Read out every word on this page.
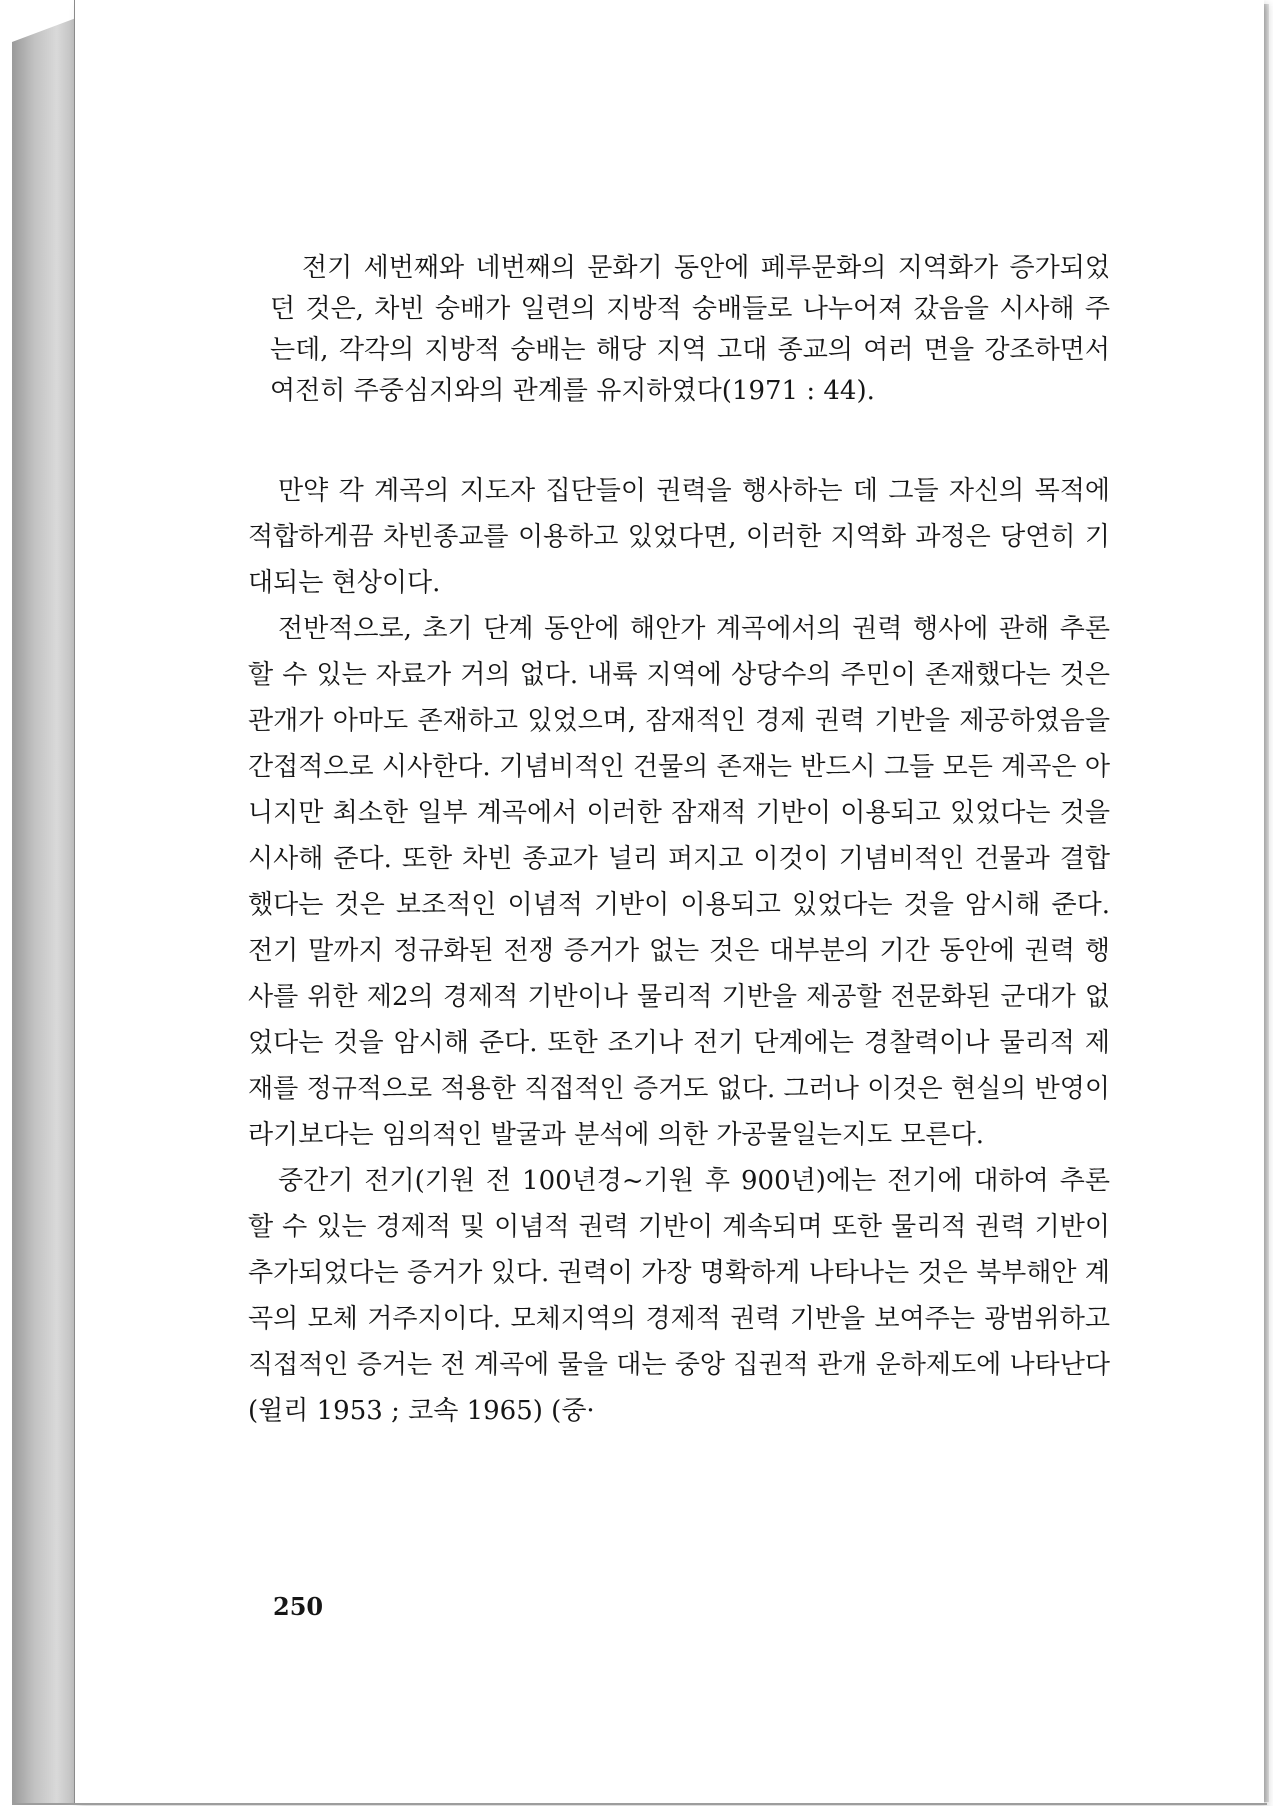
전기 세번째와 네번째의 문화기 동안에 페루문화의 지역화가 증가되었던 것은, 차빈 숭배가 일련의 지방적 숭배들로 나누어져 갔음을 시사해 주는데, 각각의 지방적 숭배는 해당 지역 고대 종교의 여러 면을 강조하면서 여전히 주중심지와의 관계를 유지하였다(1971 : 44).

만약 각 계곡의 지도자 집단들이 권력을 행사하는 데 그들 자신의 목적에 적합하게끔 차빈종교를 이용하고 있었다면, 이러한 지역화 과정은 당연히 기대되는 현상이다.

전반적으로, 초기 단계 동안에 해안가 계곡에서의 권력 행사에 관해 추론할 수 있는 자료가 거의 없다. 내륙 지역에 상당수의 주민이 존재했다는 것은 관개가 아마도 존재하고 있었으며, 잠재적인 경제 권력 기반을 제공하였음을 간접적으로 시사한다. 기념비적인 건물의 존재는 반드시 그들 모든 계곡은 아니지만 최소한 일부 계곡에서 이러한 잠재적 기반이 이용되고 있었다는 것을 시사해 준다. 또한 차빈 종교가 널리 퍼지고 이것이 기념비적인 건물과 결합했다는 것은 보조적인 이념적 기반이 이용되고 있었다는 것을 암시해 준다. 전기 말까지 정규화된 전쟁 증거가 없는 것은 대부분의 기간 동안에 권력 행사를 위한 제2의 경제적 기반이나 물리적 기반을 제공할 전문화된 군대가 없었다는 것을 암시해 준다. 또한 조기나 전기 단계에는 경찰력이나 물리적 제재를 정규적으로 적용한 직접적인 증거도 없다. 그러나 이것은 현실의 반영이라기보다는 임의적인 발굴과 분석에 의한 가공물일는지도 모른다.

중간기 전기(기원 전 100년경~기원 후 900년)에는 전기에 대하여 추론할 수 있는 경제적 및 이념적 권력 기반이 계속되며 또한 물리적 권력 기반이 추가되었다는 증거가 있다. 권력이 가장 명확하게 나타나는 것은 북부해안 계곡의 모체 거주지이다. 모체지역의 경제적 권력 기반을 보여주는 광범위하고 직접적인 증거는 전 계곡에 물을 대는 중앙 집권적 관개 운하제도에 나타난다(윌리 1953 ; 코속 1965) (중·

250
